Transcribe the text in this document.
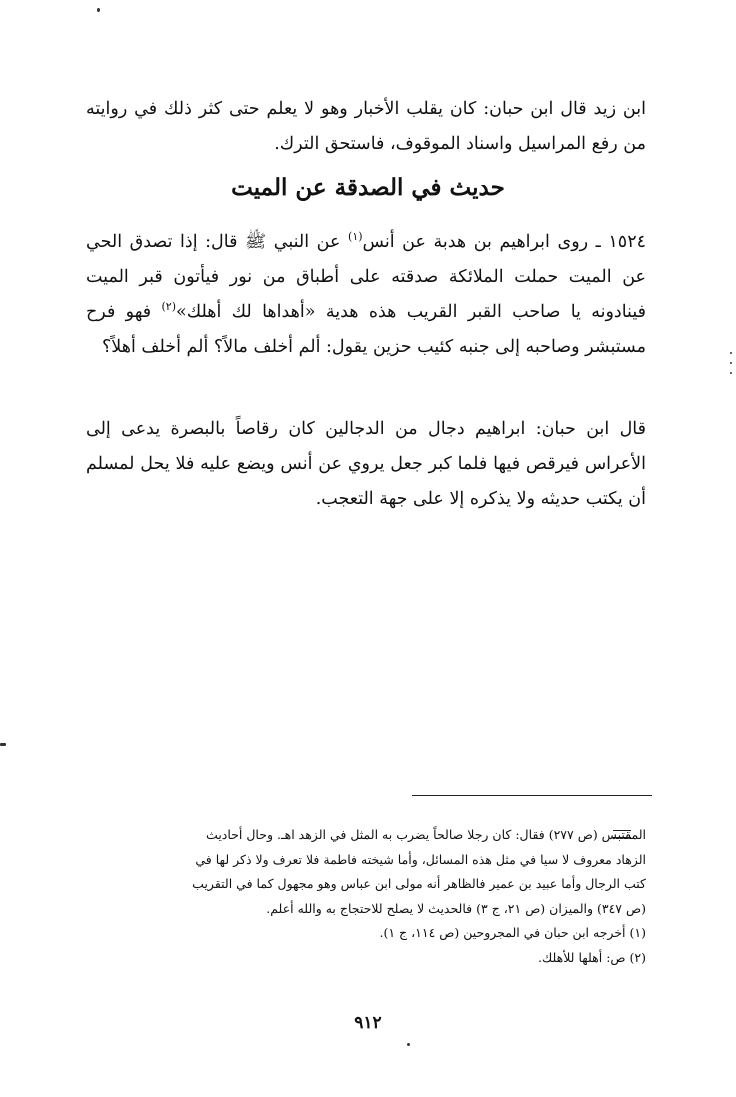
ابن زيد قال ابن حبان: كان يقلب الأخبار وهو لا يعلم حتى كثر ذلك في روايته من رفع المراسيل واسناد الموقوف، فاستحق الترك.
حديث في الصدقة عن الميت
١٥٢٤ ـ روى ابراهيم بن هدبة عن أنس$^{(١)}$ عن النبي ﷺ قال: إذا تصدق الحي عن الميت حملت الملائكة صدقته على أطباق من نور فيأتون قبر الميت فينادونه يا صاحب القبر القريب هذه هدية «أهداها لك أهلك»$^{(٢)}$ فهو فرح مستبشر وصاحبه إلى جنبه كئيب حزين يقول: ألم أخلف مالاً؟ ألم أخلف أهلاً؟
قال ابن حبان: ابراهيم دجال من الدجالين كان رقاصاً بالبصرة يدعى إلى الأعراس فيرقص فيها فلما كبر جعل يروي عن أنس ويضع عليه فلا يحل لمسلم أن يكتب حديثه ولا يذكره إلا على جهة التعجب.
المقتبس (ص ٢٧٧) فقال: كان رجلا صالحاً يضرب به المثل في الزهد اهـ. وحال أحاديث
الزهاد معروف لا سيا في مثل هذه المسائل، وأما شيخته فاطمة فلا تعرف ولا ذكر لها في
كتب الرجال وأما عبيد بن عمير فالظاهر أنه مولى ابن عباس وهو مجهول كما في التقريب
(ص ٣٤٧) والميزان (ص ٢١، ج ٣) فالحديث لا يصلح للاحتجاج به والله أعلم.
(١) أخرجه ابن حبان في المجروحين (ص ١١٤، ج ١).
(٢) ص: أهلها للأهلك.
٩١٢
